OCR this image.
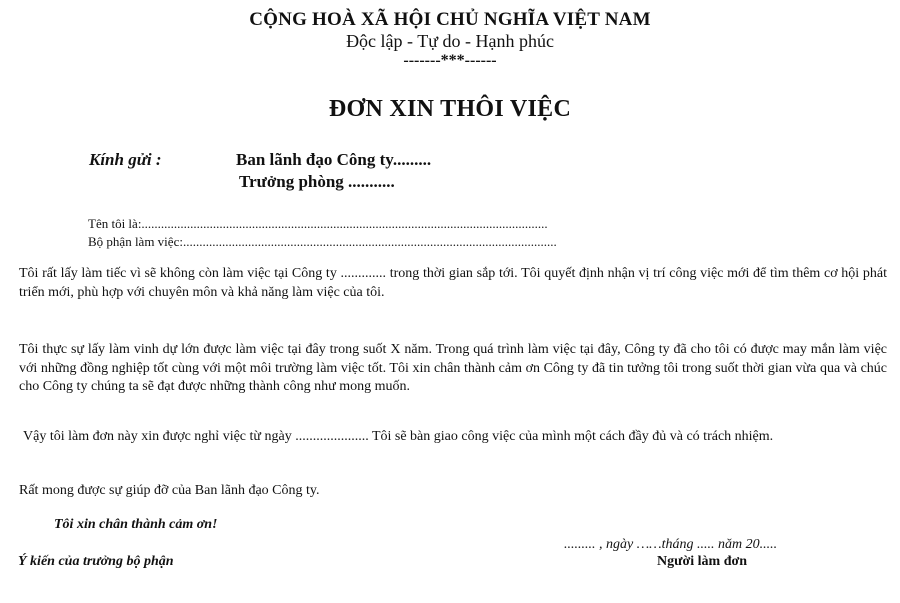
CỘNG HOÀ XÃ HỘI CHỦ NGHĨA VIỆT NAM
Độc lập - Tự do - Hạnh phúc
-------***------
ĐƠN XIN THÔI VIỆC
Kính gửi :	Ban lãnh đạo Công ty.........
Trưởng phòng ...........
Tên tôi là:.............................................................................................................................
Bộ phận làm việc:...................................................................................................................
Tôi rất lấy làm tiếc vì sẽ không còn làm việc tại Công ty ............. trong thời gian sắp tới. Tôi quyết định nhận vị trí công việc mới để tìm thêm cơ hội phát triển mới, phù hợp với chuyên môn và khả năng làm việc của tôi.
Tôi thực sự lấy làm vinh dự lớn được làm việc tại đây trong suốt X năm. Trong quá trình làm việc tại đây, Công ty đã cho tôi có được may mắn làm việc với những đồng nghiệp tốt cùng với một môi trường làm việc tốt. Tôi xin chân thành cảm ơn Công ty đã tin tưởng tôi trong suốt thời gian vừa qua và chúc cho Công ty chúng ta sẽ đạt được những thành công như mong muốn.
Vậy tôi làm đơn này xin được nghỉ việc từ ngày ..................... Tôi sẽ bàn giao công việc của mình một cách đầy đủ và có trách nhiệm.
Rất mong được sự giúp đỡ của Ban lãnh đạo Công ty.
Tôi xin chân thành cảm ơn!
......... , ngày ……tháng ..... năm 20.....
Ý kiến của trưởng bộ phận	Người làm đơn
